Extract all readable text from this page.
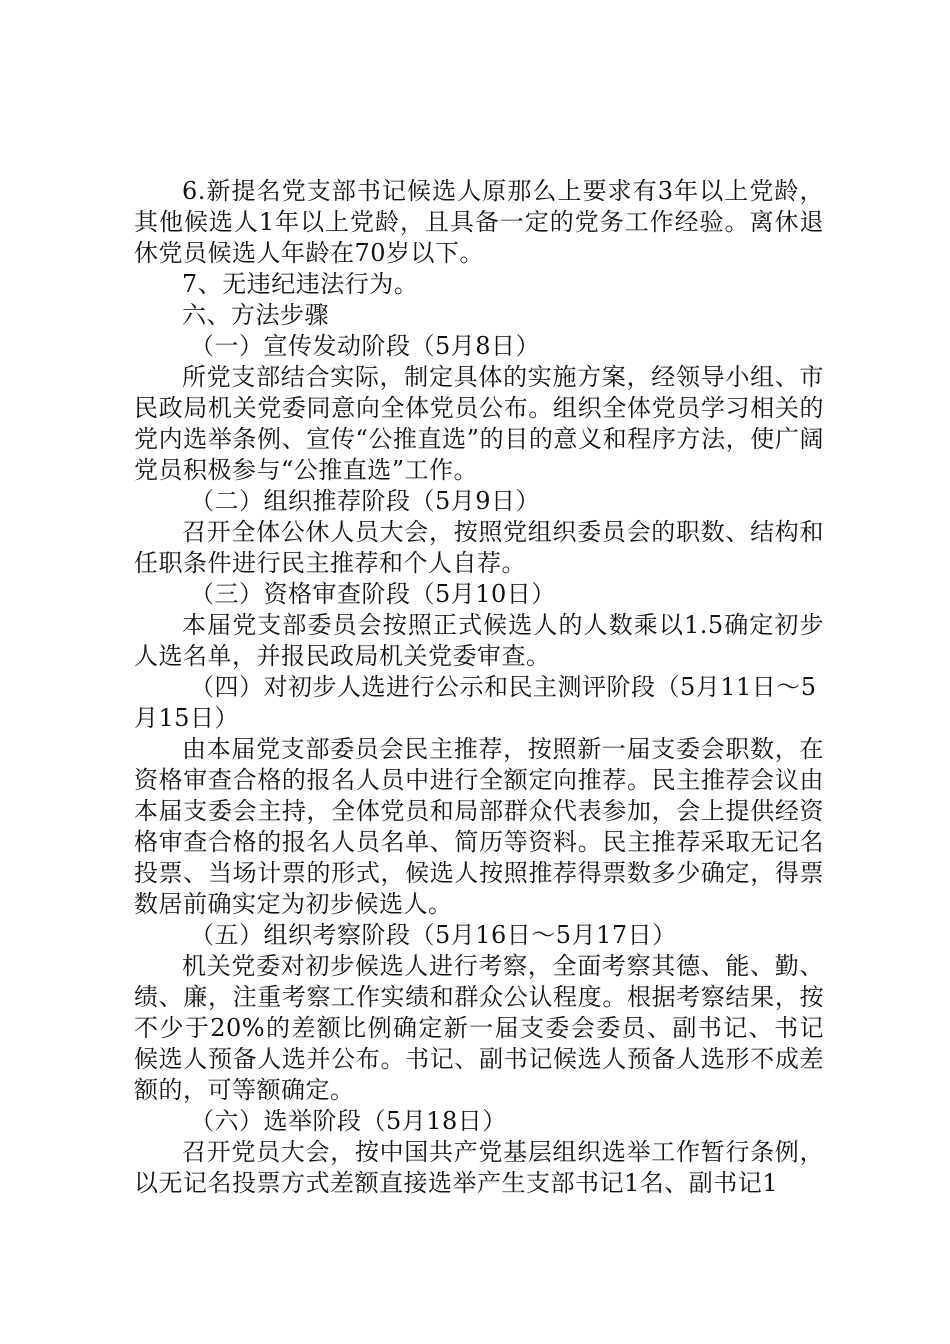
6.新提名党支部书记候选人原那么上要求有3年以上党龄，其他候选人1年以上党龄，且具备一定的党务工作经验。离休退休党员候选人年龄在70岁以下。

7、无违纪违法行为。

六、方法步骤

（一）宣传发动阶段（5月8日）

所党支部结合实际，制定具体的实施方案，经领导小组、市民政局机关党委同意向全体党员公布。组织全体党员学习相关的党内选举条例、宣传“公推直选”的目的意义和程序方法，使广阔党员积极参与“公推直选”工作。

（二）组织推荐阶段（5月9日）

召开全体公休人员大会，按照党组织委员会的职数、结构和任职条件进行民主推荐和个人自荐。

（三）资格审查阶段（5月10日）

本届党支部委员会按照正式候选人的人数乘以1.5确定初步人选名单，并报民政局机关党委审查。

（四）对初步人选进行公示和民主测评阶段（5月11日～5月15日）

由本届党支部委员会民主推荐，按照新一届支委会职数，在资格审查合格的报名人员中进行全额定向推荐。民主推荐会议由本届支委会主持，全体党员和局部群众代表参加，会上提供经资格审查合格的报名人员名单、简历等资料。民主推荐采取无记名投票、当场计票的形式，候选人按照推荐得票数多少确定，得票数居前确实定为初步候选人。

（五）组织考察阶段（5月16日～5月17日）

机关党委对初步候选人进行考察，全面考察其德、能、勤、绩、廉，注重考察工作实绩和群众公认程度。根据考察结果，按不少于20%的差额比例确定新一届支委会委员、副书记、书记候选人预备人选并公布。书记、副书记候选人预备人选形不成差额的，可等额确定。

（六）选举阶段（5月18日）

召开党员大会，按中国共产党基层组织选举工作暂行条例，以无记名投票方式差额直接选举产生支部书记1名、副书记1
